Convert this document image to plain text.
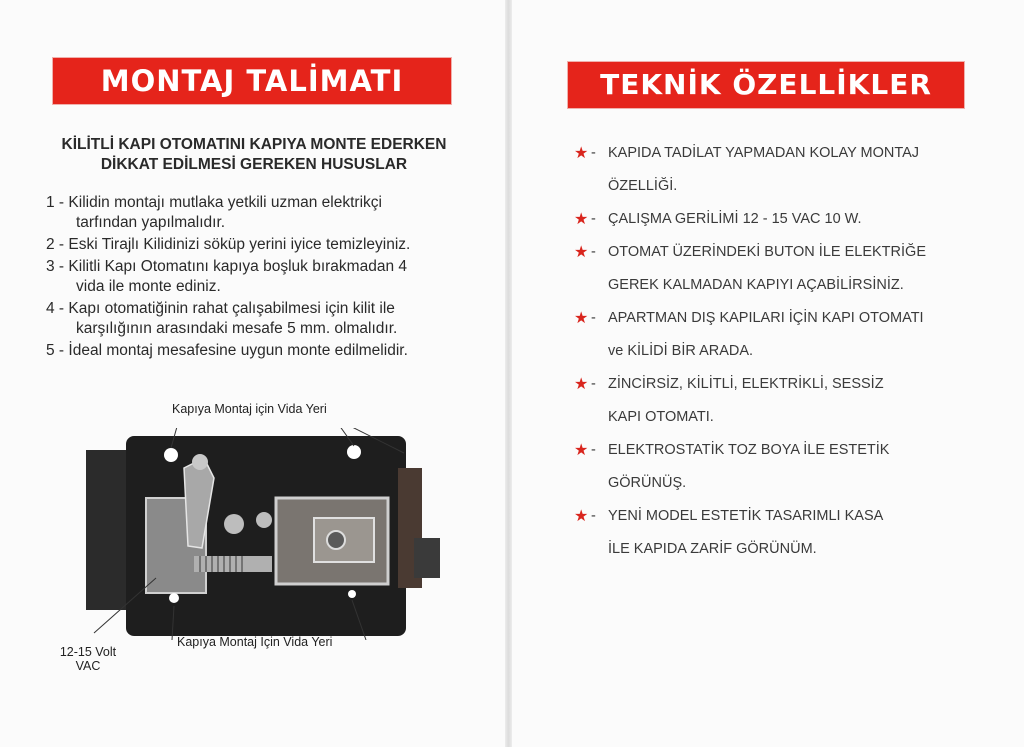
MONTAJ TALİMATI
KİLİTLİ KAPI OTOMATINI KAPIYA MONTE EDERKEN
DİKKAT EDİLMESİ GEREKEN HUSUSLAR
1 - Kilidin montajı mutlaka yetkili uzman elektrikçi
tarfından yapılmalıdır.
2 - Eski Tirajlı Kilidinizi söküp yerini iyice temizleyiniz.
3 - Kilitli Kapı Otomatını kapıya boşluk bırakmadan 4
vida ile monte ediniz.
4 - Kapı otomatiğinin rahat çalışabilmesi için kilit ile
karşılığının arasındaki mesafe 5 mm. olmalıdır.
5 - İdeal montaj mesafesine uygun monte edilmelidir.
Kapıya Montaj için Vida Yeri
Kapıya Montaj İçin Vida Yeri
12-15 Volt
VAC
TEKNİK ÖZELLİKLER
★ - KAPIDA TADİLAT YAPMADAN KOLAY MONTAJ
ÖZELLİĞİ.
★ - ÇALIŞMA GERİLİMİ 12 - 15 VAC 10 W.
★ - OTOMAT ÜZERİNDEKİ BUTON İLE ELEKTRİĞE
GEREK KALMADAN KAPIYI AÇABİLİRSİNİZ.
★ - APARTMAN DIŞ KAPILARI İÇİN KAPI OTOMATI
ve KİLİDİ BİR ARADA.
★ - ZİNCİRSİZ, KİLİTLİ, ELEKTRİKLİ, SESSİZ
KAPI OTOMATI.
★ - ELEKTROSTATİK TOZ BOYA İLE ESTETİK
GÖRÜNÜŞ.
★ - YENİ MODEL ESTETİK TASARIMLI KASA
İLE KAPIDA ZARİF GÖRÜNÜM.
